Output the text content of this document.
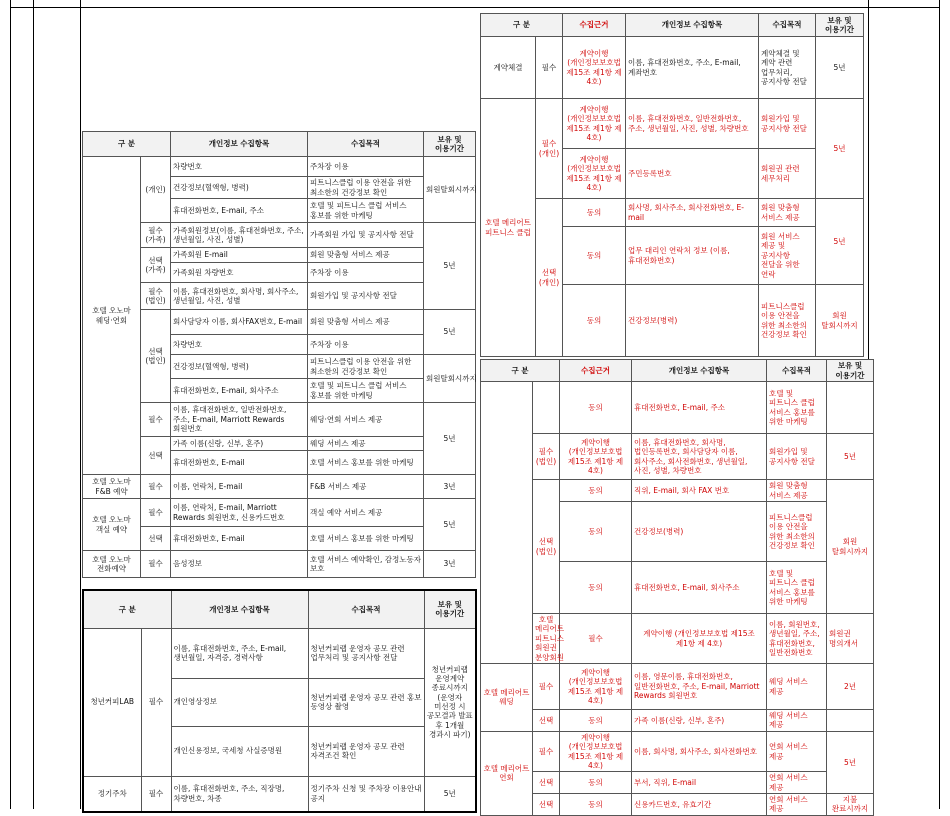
구 분		개인정보 수집항목	수집목적	보유 및 이용기간
호텔 오노마 웨딩·연회	(개인)	차량번호	주차장 이용	회원탈회시까지
		건강정보(혈액형, 병력)	피트니스클럽 이용 안전을 위한 최소한의 건강정보 확인	
		휴대전화번호, E-mail, 주소	호텔 및 피트니스 클럽 서비스 홍보를 위한 마케팅	
	필수 (가족)	가족회원정보(이름, 휴대전화번호, 주소, 생년월일, 사진, 성별)	가족회원 가입 및 공지사항 전달	5년
	선택 (가족)	가족회원 E-mail	회원 맞춤형 서비스 제공	
		가족회원 차량번호	주차장 이용	
	필수 (법인)	이름, 휴대전화번호, 회사명, 회사주소, 생년월일, 사진, 성별	회원가입 및 공지사항 전달	
	선택 (법인)	회사담당자 이름, 회사FAX번호, E-mail	회원 맞춤형 서비스 제공	5년
		차량번호	주차장 이용	
		건강정보(혈액형, 병력)	피트니스클럽 이용 안전을 위한 최소한의 건강정보 확인	회원탈회시까지
		휴대전화번호, E-mail, 회사주소	호텔 및 피트니스 클럽 서비스 홍보를 위한 마케팅	
	필수	이름, 휴대전화번호, 일반전화번호, 주소, E-mail, Marriott Rewards 회원번호	웨딩·연회 서비스 제공	5년
	선택	가족 이름(신랑, 신부, 혼주)	웨딩 서비스 제공	
		휴대전화번호, E-mail	호텔 서비스 홍보를 위한 마케팅	
호텔 오노마 F&B 예약	필수	이름, 연락처, E-mail	F&B 서비스 제공	3년
호텔 오노마 객실 예약	필수	이름, 연락처, E-mail, Marriott Rewards 회원번호, 신용카드번호	객실 예약 서비스 제공	5년
	선택	휴대전화번호, E-mail	호텔 서비스 홍보를 위한 마케팅	
호텔 오노마 전화예약	필수	음성정보	호텔 서비스 예약확인, 감정노동자 보호	3년
구 분		개인정보 수집항목	수집목적	보유 및 이용기간
청년커피LAB	필수	이름, 휴대전화번호, 주소, E-mail, 생년월일, 자격증, 경력사항	청년커피랩 운영자 공모 관련 업무처리 및 공지사항 전달	청년커피랩 운영계약 종료시까지 (운영자 미선정 시 공모결과 발표 후 1개월 경과시 파기)
		개인영상정보	청년커피랩 운영자 공모 관련 홍보 동영상 촬영	
		개인신용정보, 국세청 사실증명원	청년커피랩 운영자 공모 관련 자격조건 확인	
정기주차	필수	이름, 휴대전화번호, 주소, 직장명, 차량번호, 차종	정기주차 신청 및 주차장 이용안내 공지	5년
구 분		수집근거	개인정보 수집항목	수집목적	보유 및 이용기간
계약체결	필수	계약이행 (개인정보보호법 제15조 제1항 제 4호)	이름, 휴대전화번호, 주소, E-mail, 계좌번호	계약체결 및 계약 관련 업무처리, 공지사항 전달	5년
호텔 메리어트 피트니스 클럽	필수 (개인)	계약이행 (개인정보보호법 제15조 제1항 제 4호)	이름, 휴대전화번호, 일반전화번호, 주소, 생년월일, 사진, 성별, 차량번호	회원가입 및 공지사항 전달	5년
		계약이행 (개인정보보호법 제15조 제1항 제 4호)	주민등록번호	회원권 관련 세무처리	
	선택 (개인)	동의	회사명, 회사주소, 회사전화번호, E-mail	회원 맞춤형 서비스 제공	5년
		동의	업무 대리인 연락처 정보 (이름, 휴대전화번호)	회원 서비스 제공 및 공지사항 전달을 위한 연락	
		동의	건강정보(병력)	피트니스클럽 이용 안전을 위한 최소한의 건강정보 확인	회원 탈회시까지
구 분		수집근거	개인정보 수집항목	수집목적	보유 및 이용기간	
		동의	휴대전화번호, E-mail, 주소	호텔 및 피트니스 클럽 서비스 홍보를 위한 마케팅		
	필수 (법인)	계약이행 (개인정보보호법 제15조 제1항 제 4호)	이름, 휴대전화번호, 회사명, 법인등록번호, 회사담당자 이름, 회사주소, 회사전화번호, 생년월일, 사진, 성별, 차량번호	회원가입 및 공지사항 전달	5년	
	선택 (법인)	동의	직위, E-mail, 회사 FAX 번호	회원 맞춤형 서비스 제공	회원 탈회시까지	
		동의	건강정보(병력)	피트니스클럽 이용 안전을 위한 최소한의 건강정보 확인		
		동의	휴대전화번호, E-mail, 회사주소	호텔 및 피트니스 클럽 서비스 홍보를 위한 마케팅		
	호텔 메리어트 피트니스 회원권 분양회원	필수	계약이행 (개인정보보호법 제15조 제1항 제 4호)	이름, 회원번호, 생년월일, 주소, 휴대전화번호, 일반전화번호	회원권 명의개서	
호텔 메리어트 웨딩	필수	계약이행 (개인정보보호법 제15조 제1항 제 4호)	이름, 영문이름, 휴대전화번호, 일반전화번호, 주소, E-mail, Marriott Rewards 회원번호	웨딩 서비스 제공	2년	
	선택	동의	가족 이름(신랑, 신부, 혼주)	웨딩 서비스 제공		
호텔 메리어트 연회	필수	계약이행 (개인정보보호법 제15조 제1항 제 4호)	이름, 회사명, 회사주소, 회사전화번호	연회 서비스 제공	5년	
	선택	동의	부서, 직위, E-mail	연회 서비스 제공		
	선택	동의	신용카드번호, 유효기간	연회 서비스 제공	지불 완료시까지	
